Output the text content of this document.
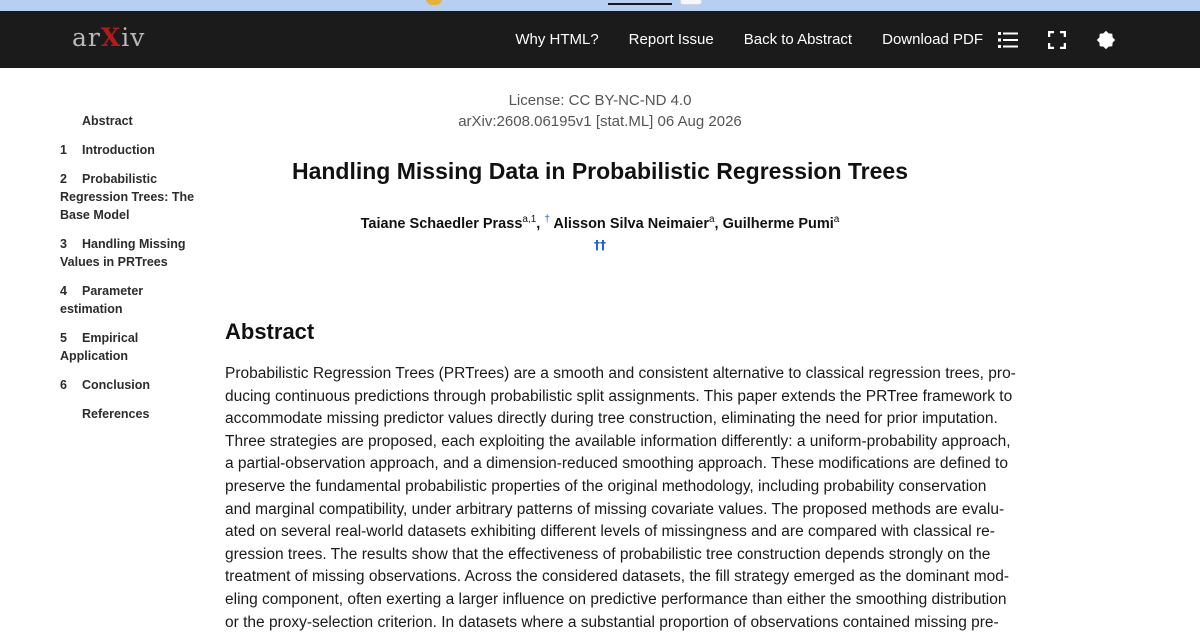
arXiv	Why HTML? Report Issue Back to Abstract Download PDF
Abstract
1 Introduction
2 Probabilistic Regression Trees: The Base Model
3 Handling Missing Values in PRTrees
4 Parameter estimation
5 Empirical Application
6 Conclusion
References
License: CC BY-NC-ND 4.0
arXiv:2608.06195v1 [stat.ML] 06 Aug 2026
Handling Missing Data in Probabilistic Regression Trees
Taiane Schaedler Prass$^{a,1}$, † Alisson Silva Neimaier$^a$, Guilherme Pumi$^a$
††
Abstract
Probabilistic Regression Trees (PRTrees) are a smooth and consistent alternative to classical regression trees, pro-
ducing continuous predictions through probabilistic split assignments. This paper extends the PRTree framework to
accommodate missing predictor values directly during tree construction, eliminating the need for prior imputation.
Three strategies are proposed, each exploiting the available information differently: a uniform-probability approach,
a partial-observation approach, and a dimension-reduced smoothing approach. These modifications are defined to
preserve the fundamental probabilistic properties of the original methodology, including probability conservation
and marginal compatibility, under arbitrary patterns of missing covariate values. The proposed methods are evalu-
ated on several real-world datasets exhibiting different levels of missingness and are compared with classical re-
gression trees. The results show that the effectiveness of probabilistic tree construction depends strongly on the
treatment of missing observations. Across the considered datasets, the fill strategy emerged as the dominant mod-
eling component, often exerting a larger influence on predictive performance than either the smoothing distribution
or the proxy-selection criterion. In datasets where a substantial proportion of observations contained missing pre-
